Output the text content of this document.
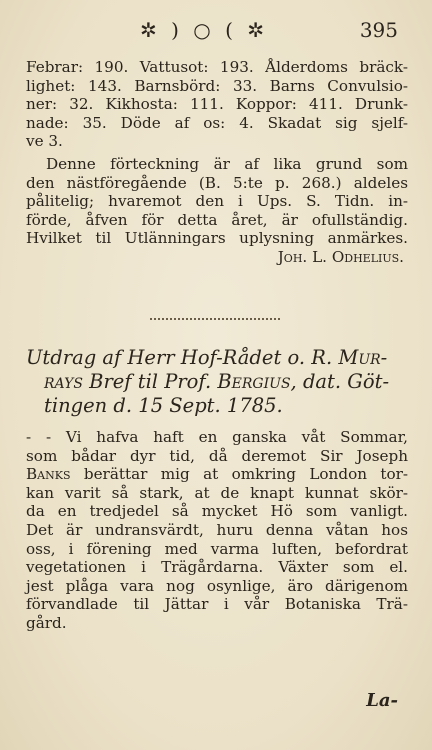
✲ ) ○ ( ✲	395
Febrar: 190. Vattusot: 193. Ålderdoms bräck-
lighet: 143. Barnsbörd: 33. Barns Convulsio-
ner: 32. Kikhosta: 111. Koppor: 411. Drunk-
nade: 35. Döde af os: 4. Skadat sig sjelf-
ve 3.
Denne förteckning är af lika grund som
den nästföregående (B. 5:te p. 268.) aldeles
pålitelig; hvaremot den i Ups. S. Tidn. in-
förde, åfven för detta året, är ofullständig.
Hvilket til Utlänningars uplysning anmärkes.
Joh. L. Odhelius.
Utdrag af Herr Hof-Rådet o. R. Mur-
rays Bref til Prof. Bergius, dat. Göt-
tingen d. 15 Sept. 1785.
- - Vi hafva haft en ganska våt Sommar,
som bådar dyr tid, då deremot Sir Joseph
Banks berättar mig at omkring London tor-
kan varit så stark, at de knapt kunnat skör-
da en tredjedel så mycket Hö som vanligt.
Det är undransvärdt, huru denna våtan hos
oss, i förening med varma luften, befordrat
vegetationen i Trägårdarna. Växter som el.
jest plåga vara nog osynlige, äro därigenom
förvandlade til Jättar i vår Botaniska Trä-
gård.
La-
